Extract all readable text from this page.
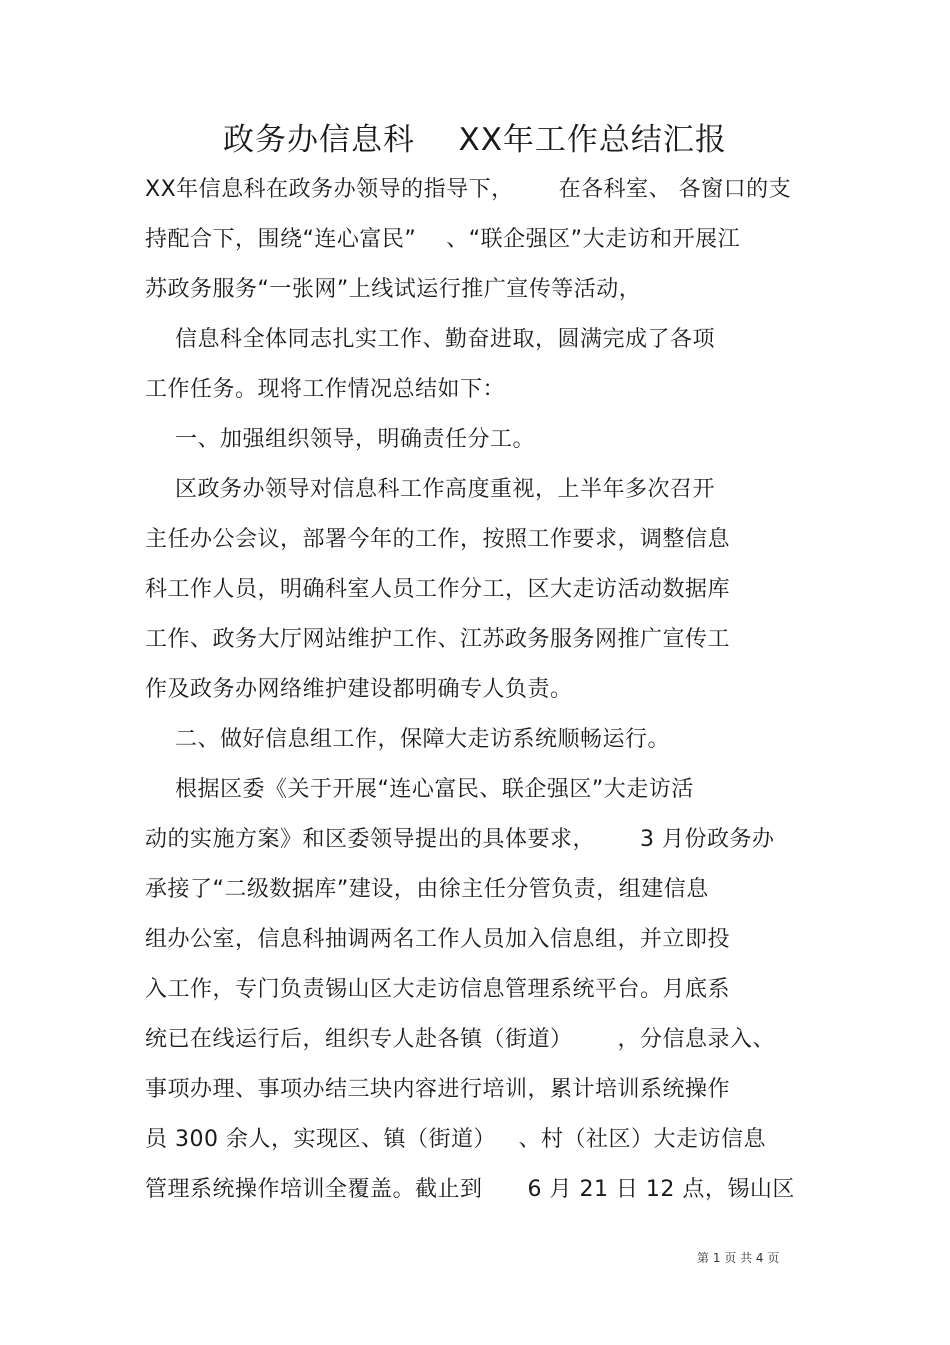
政务办信息科    XX年工作总结汇报
XX年信息科在政务办领导的指导下，      在各科室、 各窗口的支
持配合下，围绕“连心富民”    、“联企强区”大走访和开展江
苏政务服务“一张网”上线试运行推广宣传等活动，
信息科全体同志扎实工作、勤奋进取，圆满完成了各项
工作任务。现将工作情况总结如下：
一、加强组织领导，明确责任分工。
区政务办领导对信息科工作高度重视，上半年多次召开
主任办公会议，部署今年的工作，按照工作要求，调整信息
科工作人员，明确科室人员工作分工，区大走访活动数据库
工作、政务大厅网站维护工作、江苏政务服务网推广宣传工
作及政务办网络维护建设都明确专人负责。
二、做好信息组工作，保障大走访系统顺畅运行。
根据区委《关于开展“连心富民、联企强区”大走访活
动的实施方案》和区委领导提出的具体要求，      3 月份政务办
承接了“二级数据库”建设，由徐主任分管负责，组建信息
组办公室，信息科抽调两名工作人员加入信息组，并立即投
入工作，专门负责锡山区大走访信息管理系统平台。月底系
统已在线运行后，组织专人赴各镇（街道）      ，分信息录入、
事项办理、事项办结三块内容进行培训，累计培训系统操作
员 300 余人，实现区、镇（街道）   、村（社区）大走访信息
管理系统操作培训全覆盖。截止到      6 月 21 日 12 点，锡山区
第 1 页 共 4 页
